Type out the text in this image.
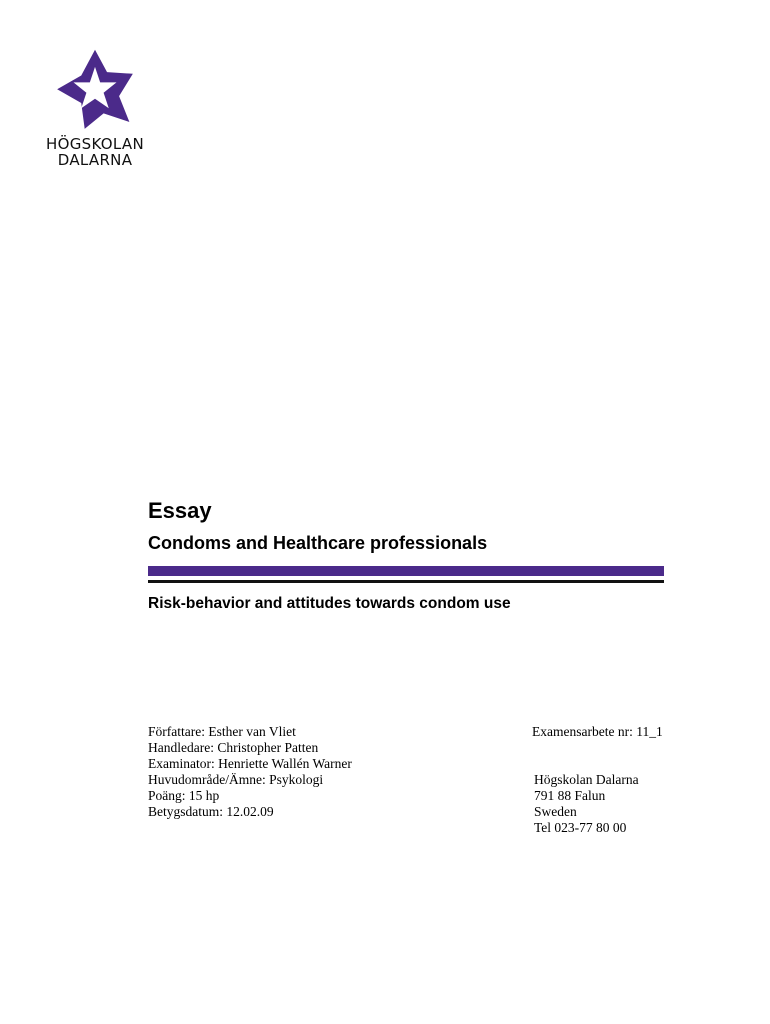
HÖGSKOLAN
DALARNA
Essay
Condoms and Healthcare professionals
Risk-behavior and attitudes towards condom use
Författare: Esther van Vliet
Handledare: Christopher Patten
Examinator: Henriette Wallén Warner
Huvudområde/Ämne: Psykologi
Poäng: 15 hp
Betygsdatum: 12.02.09
Examensarbete nr: 11_1
Högskolan Dalarna
791 88 Falun
Sweden
Tel 023-77 80 00
